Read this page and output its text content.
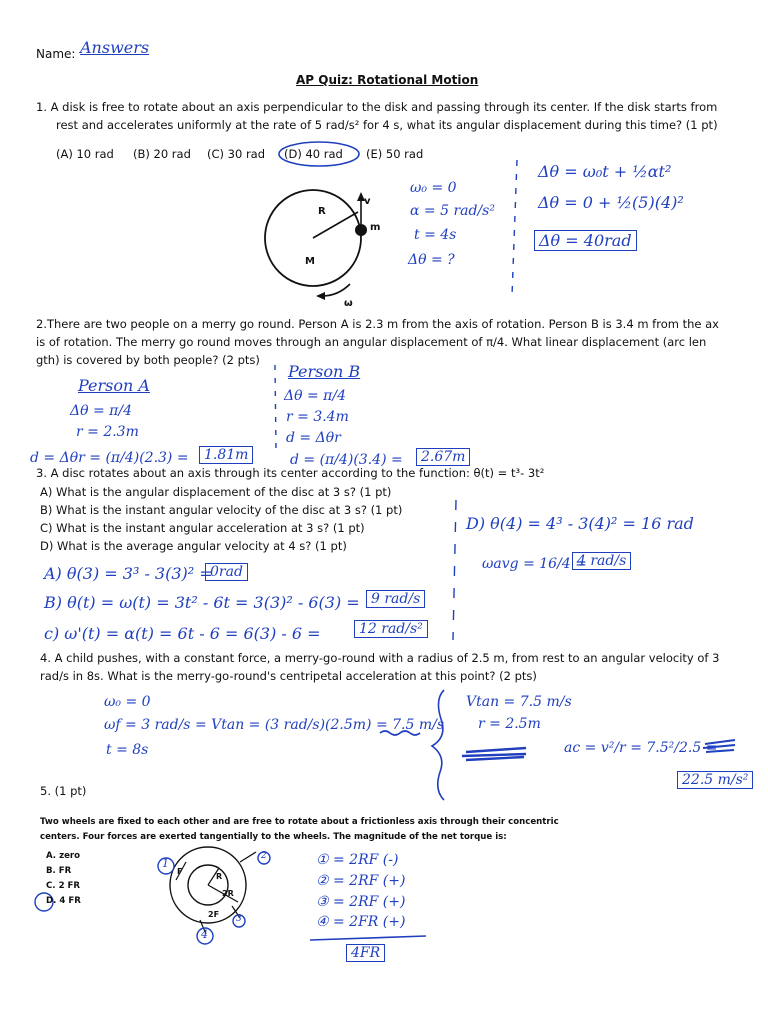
Name: Answers
AP Quiz: Rotational Motion
1. A disk is free to rotate about an axis perpendicular to the disk and passing through its center. If the disk starts from
rest and accelerates uniformly at the rate of 5 rad/s² for 4 s, what its angular displacement during this time? (1 pt)
(A) 10 rad (B) 20 rad (C) 30 rad (D) 40 rad (E) 50 rad
R
v
m
M
ω
ω₀ = 0
α = 5 rad/s²
t = 4s
Δθ = ?
Δθ = ω₀t + ½αt²
Δθ = 0 + ½(5)(4)²
Δθ = 40rad
2.There are two people on a merry go round. Person A is 2.3 m from the axis of rotation. Person B is 3.4 m from the ax
is of rotation. The merry go round moves through an angular displacement of π/4. What linear displacement (arc len
gth) is covered by both people? (2 pts)
Person A
Δθ = π/4
r = 2.3m
d = Δθr = (π/4)(2.3) =	1.81m
Person B
Δθ = π/4
r = 3.4m
d = Δθr
d = (π/4)(3.4) =	2.67m
3. A disc rotates about an axis through its center according to the function: θ(t) = t³- 3t²
A) What is the angular displacement of the disc at 3 s? (1 pt)
B) What is the instant angular velocity of the disc at 3 s? (1 pt)
C) What is the instant angular acceleration at 3 s? (1 pt)
D) What is the average angular velocity at 4 s? (1 pt)
A) θ(3) = 3³ - 3(3)² =
0rad
B) θ(t) = ω(t) = 3t² - 6t = 3(3)² - 6(3) = 9 rad/s
c) ω'(t) = α(t) = 6t - 6 = 6(3) - 6 =	12 rad/s²
D) θ(4) = 4³ - 3(4)² = 16 rad
ωavg = 16/4 =
4 rad/s
4. A child pushes, with a constant force, a merry-go-round with a radius of 2.5 m, from rest to an angular velocity of 3
rad/s in 8s. What is the merry-go-round's centripetal acceleration at this point? (2 pts)
ω₀ = 0
ωf = 3 rad/s = Vtan = (3 rad/s)(2.5m) = 7.5 m/s
t = 8s
Vtan = 7.5 m/s
r = 2.5m
ac = v²/r = 7.5²/2.5 =
22.5 m/s²
5. (1 pt)
Two wheels are fixed to each other and are free to rotate about a frictionless axis through their concentric
centers. Four forces are exerted tangentially to the wheels. The magnitude of the net torque is:
A. zero
B. FR
C. 2 FR
D. 4 FR
1
2
3
4
F
R
2R
2F
① = 2RF (-)
② = 2RF (+)
③ = 2RF (+)
④ = 2FR (+)
4FR
